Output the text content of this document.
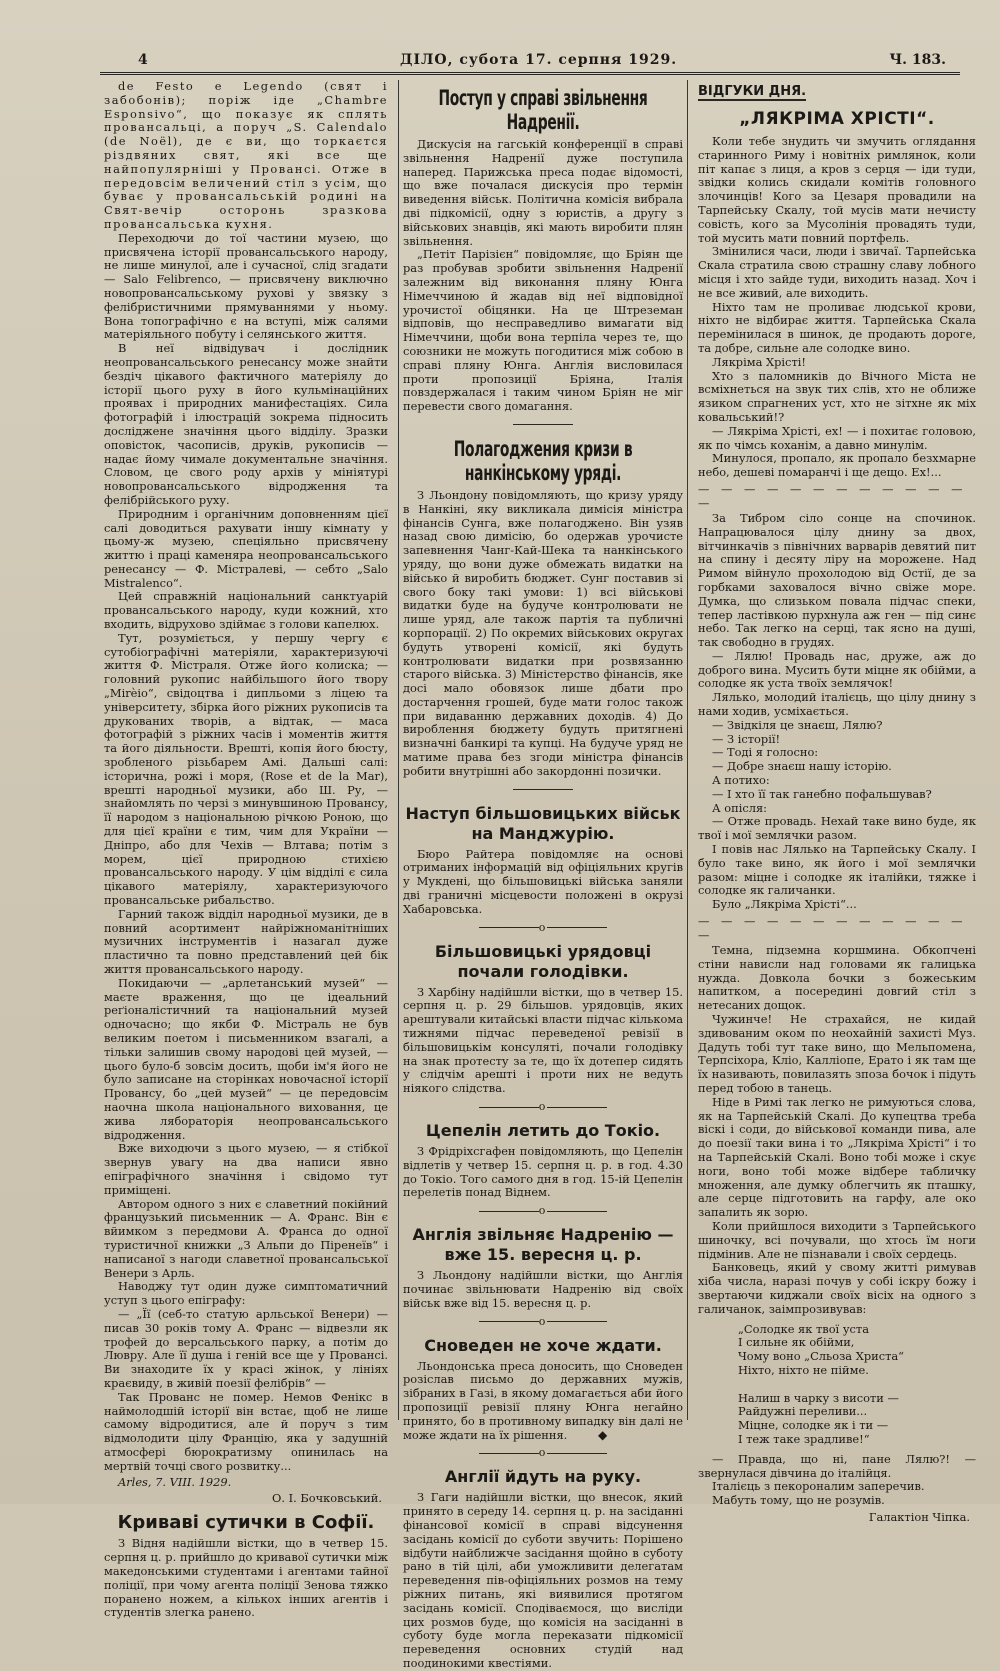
4	ДІЛО, субота 17. серпня 1929.	Ч. 183.

de Festo e Legendo (свят і забобонів); поріж іде „Chambre Esponsivo“, що показує як сплять провансальці, а поруч „S. Calendalo (de Noël), де є ви, що торкаєтся різдвяних свят, які все ще найпопулярніші у Провансі. Отже в передовсім величений стіл з усім, що буває у провансальській родині на Свят-вечір осторонь зразкова провансальська кухня.

Переходючи до тої частини музею, що присвячена історії провансальського народу, не лише минулої, але і сучасної, слід згадати — Salo Felibrenco, — присвячену виключно новопровансальському рухові у звязку з фелібристичними прямуваннями у ньому. Вона топографічно є на вступі, між салями матеріяльного побуту і селянського життя.

В неї відвідувач і дослідник неопровансальського ренесансу може знайти бездіч цікавого фактичного матеріялу до історії цього руху в його кульмінаційних проявах і природних манифестаціях. Сила фотографій і ілюстрацій зокрема підносить досліджене значіння цього відділу. Зразки оповісток, часописів, друків, рукописів — надає йому чимале документальне значіння. Словом, це свого роду архів у мініятурі новопровансальського відродження та фелібрійського руху.

Природним і органічним доповненням цієї салі доводиться рахувати іншу кімнату у цьому-ж музею, спеціяльно присвячену життю і праці каменяра неопровансальського ренесансу — Ф. Містралеві, — себто „Salo Mistralenco“.

Цей справжній національний санктуарій провансальського народу, куди кожний, хто входить, відрухово здіймає з голови капелюх.

Тут, розуміється, у першу чергу є сутобіографічні матеріяли, характеризуючі життя Ф. Містраля. Отже його колиска; — головний рукопис найбільшого його твору „Mirèio“, свідоцтва і дипльоми з ліцею та університету, збірка його ріжних рукописів та друкованих творів, а відтак, — маса фотографій з ріжних часів і моментів життя та його діяльности. Врешті, копія його бюсту, зробленого різьбарем Амі. Дальші салі: історична, рожі і моря, (Rose et de la Mar), врешті народньої музики, або Ш. Ру, — знайомлять по черзі з минувшиною Провансу, її народом з національною річкою Роною, що для цієї країни є тим, чим для України — Дніпро, або для Чехів — Влтава; потім з морем, цієї природною стихією провансальського народу. У цім відділі є сила цікавого матеріялу, характеризуючого провансальське рибальство.

Гарний також відділ народньої музики, де в повний асортимент найріжноманітніших музичних інструментів і назагал дуже пластично та повно представлений цей бік життя провансальського народу.

Покидаючи — „арлетанський музей“ — маєте враження, що це ідеальний реґіоналістичний та національний музей одночасно; що якби Ф. Містраль не був великим поетом і письменником взагалі, а тільки залишив свому народові цей музей, — цього було-б зовсім досить, щоби ім'я його не було записане на сторінках новочасної історії Провансу, бо „цей музей“ — це передовсім наочна школа національного виховання, це жива лябораторія неопровансальського відродження.

Вже виходючи з цього музею, — я стібкої звернув увагу на два написи явно епіграфічного значіння і свідомо тут приміщені.

Автором одного з них є славетний покійний французький письменник — А. Франс. Він є вйимком з передмови А. Франса до одної туристичної книжки „З Альпи до Піренеїв“ і написаної з нагоди славетної провансальської Венери з Арль.

Наводжу тут один дуже симптоматичний уступ з цього епіграфу:

— „Її (себ-то статую арльської Венери) — писав 30 років тому А. Франс — відвезли як трофей до версальського парку, а потім до Лювру. Але її душа і геній все ще у Провансі. Ви знаходите їх у красі жінок, у лініях краєвиду, в живій поезії фелібрів“ —

Так Прованс не помер. Немов Фенікс в наймолодшій історії він встає, щоб не лише самому відродитися, але й поруч з тим відмолодити цілу Францію, яка у задушній атмосфері бюрократизму опинилась на мертвій точці свого розвитку...

Arles, 7. VIII. 1929.
О. І. Бочковський.
Криваві сутички в Софії.

З Відня надійшли вістки, що в четвер 15. серпня ц. р. прийшло до кривавої сутички між македонськими студентами і агентами тайної поліції, при чому агента поліції Зенова тяжко поранено ножем, а кількох інших агентів і студентів злегка ранено.

Поступ у справі звільнення Надренії.

Дискусія на гагській конференції в справі звільнення Надренії дуже поступила наперед. Парижська преса подає відомості, що вже почалася дискусія про термін виведення військ. Політична комісія вибрала дві підкомісії, одну з юристів, а другу з військових знавців, які мають виробити плян звільнення.

„Петіт Парізієн“ повідомляє, що Бріян ще раз пробував зробити звільнення Надренії залежним від виконання пляну Юнга Німеччиною й жадав від неї відповідної урочистої обіцянки. На це Штреземан відповів, що несправедливо вимагати від Німеччини, щоби вона терпіла через те, що союзники не можуть погодитися між собою в справі пляну Юнга. Англія висловилася проти пропозиції Бріяна, Італія повздержалася і таким чином Бріян не міг перевести свого домагання.

Полагоджения кризи в нанкінському уряді.

З Льондону повідомляють, що кризу уряду в Нанкіні, яку викликала димісія міністра фінансів Сунга, вже полагоджено. Він узяв назад свою димісію, бо одержав урочисте запевнення Чанг-Кай-Шека та нанкінського уряду, що вони дуже обмежать видатки на військо й виробить бюджет. Сунг поставив зі свого боку такі умови: 1) всі військові видатки буде на будуче контролювати не лише уряд, але також партія та публичні корпорації. 2) По окремих військових округах будуть утворені комісії, які будуть контролювати видатки при розвязанню старого війська. 3) Міністерство фінансів, яке досі мало обовязок лише дбати про достарчення грошей, буде мати голос також при видаванню державних доходів. 4) До вироблення бюджету будуть притягнені визначні банкирі та купці. На будуче уряд не матиме права без згоди міністра фінансів робити внутрішні або закордонні позички.

Наступ більшовицьких військ на Манджурію.

Бюро Райтера повідомляє на основі отриманих інформацій від офіціяльних кругів у Мукдені, що більшовицькі війська заняли дві граничні місцевости положені в окрузі Хабаровська.

o
Більшовицькі урядовці почали голодівки.

З Харбіну надійшли вістки, що в четвер 15. серпня ц. р. 29 більшов. урядовців, яких арештували китайські власти підчас кількома тижнями підчас переведеної ревізії в більшовицькім консуляті, почали голодівку на знак протесту за те, що їх дотепер сидять у слідчім арешті і проти них не ведуть ніякого слідства.

o
Цепелін летить до Токіо.

З Фрідріхсгафен повідомляють, що Цепелін відлетів у четвер 15. серпня ц. р. в год. 4.30 до Токіо. Того самого дня в год. 15-ій Цепелін перелетів понад Віднем.

o
Англія звільняє Надренію — вже 15. вересня ц. р.

З Льондону надійшли вістки, що Англія починає звільнювати Надренію від своїх військ вже від 15. вересня ц. р.

o
Сноведен не хоче ждати.

Льондонська преса доносить, що Сноведен розіслав письмо до державних мужів, зібраних в Газі, в якому домагається аби його пропозиції ревізії пляну Юнга негайно принято, бо в противному випадку він далі не може ждати на їх рішення.

o
Англії йдуть на руку.

З Гаги надійшли вістки, що внесок, який принято в середу 14. серпня ц. р. на засіданні фінансової комісії в справі відсунення засідань комісії до суботи звучить: Порішено відбути найближче засідання щойно в суботу рано в тій цілі, аби уможливити делегатам переведення пів-офіціяльних розмов на тему ріжних питань, які виявилися протягом засідань комісії. Сподіваємося, що висліди цих розмов буде, що комісія на засіданні в суботу буде могла переказати підкомісії переведення основних студій над поодинокими квестіями.

ВІДГУКИ ДНЯ.
„ЛЯКРІМА ХРІСТІ“.

Коли тебе знудить чи змучить оглядання старинного Риму і новітніх римлянок, коли піт капає з лиця, а кров з серця — іди туди, звідки колись скидали комітів головного злочинців! Кого за Цезаря провадили на Тарпейську Скалу, той мусів мати нечисту совість, кого за Мусолінія провадять туди, той мусить мати повний портфель.

Змінилися часи, люди і звичаї. Тарпейська Скала стратила свою страшну славу лобного місця і хто зайде туди, виходить назад. Хоч і не все живий, але виходить.

Ніхто там не проливає людської крови, ніхто не відбирає життя. Тарпейська Скала перемінилася в шинок, де продають дороге, та добре, сильне але солодке вино.

Лякріма Хрісті!

Хто з паломників до Вічного Міста не всміхнеться на звук тих слів, хто не оближе язиком спрагнених уст, хто не зітхне як міх ковальський!?

— Лякріма Хрісті, ех! — і похитає головою, як по чімсь коханім, а давно минулім.

Минулося, пропало, як пропало безхмарне небо, дешеві помаранчі і ще дещо. Ех!...

— — — — — — — — — — — — —

За Тибром сіло сонце на спочинок. Напрацювалося цілу днину за двох, вітчинкачів з північних варварів девятий пит на спину і десяту ліру на морожене. Над Римом війнуло прохолодою від Остії, де за горбками заховалося вічно свіже море. Думка, що слизьком повала підчас спеки, тепер ластівкою пурхнула аж ген — під синє небо. Так легко на серці, так ясно на душі, так свободно в грудях.

— Лялю! Провадь нас, дружe, аж до доброго вина. Мусить бути міцне як обійми, а солодке як уста твоїх землячок!

Лялько, молодий італієць, що цілу днину з нами ходив, усміхається.

— Звідкіля це знаєш, Лялю?

— З історії!

— Тоді я голосно:

— Добре знаєш нашу історію.

А потихо:

— І хто її так ганебно пофальшував?

А опісля:

— Отже провадь. Нехай таке вино буде, як твої і мої землячки разом.

І повів нас Лялько на Тарпейську Скалу. І було таке вино, як його і мої землячки разом: міцне і солодке як італійки, тяжке і солодке як галичанки.

Було „Лякріма Хрісті“...

— — — — — — — — — — — — —

Темна, підземна коршмина. Обкопчені стіни нависли над головами як галицька нужда. Довкола бочки з божеським напитком, а посередині довгий стіл з нетесаних дощок.

Чужинче! Не страхайся, не кидай здивованим оком по неохайній захисті Муз. Дадуть тобі тут таке вино, що Мельпомена, Терпсіхора, Кліо, Калліопе, Ерато і як там ще їх називають, повилазять зпоза бочок і підуть перед тобою в танець.

Ніде в Римі так легко не римуються слова, як на Тарпейській Скалі. До купецтва треба віскі і соди, до військової команди пива, але до поезії таки вина і то „Лякріма Хрісті“ і то на Тарпейській Скалі. Воно тобі може і скує ноги, воно тобі може відбере табличку множення, але думку облегчить як пташку, але серце підготовить на гарфу, але око запалить як зорю.

Коли прийшлося виходити з Тарпейського шиночку, всі почували, що хтось їм ноги підмінив. Але не пізнавали і своїх сердець.

Банковець, який у свому житті римував хіба числа, наразі почув у собі іскру божу і звертаючи киджали своїх вісіх на одного з галичанок, заімпрозивував:

„Солодке як твої уста
І сильне як обійми,
Чому воно „Сльоза Христа“
Ніхто, ніхто не пійме.

Налиш в чарку з висоти —
Райдужні переливи...
Міцне, солодке як і ти —
І теж таке зрадливе!“

— Правда, що ні, пане Лялю?! — звернулася дівчина до італійця.

Італієць з пекороналим заперечив.

Мабуть тому, що не розумів.

Галактіон Чіпка.
◆
